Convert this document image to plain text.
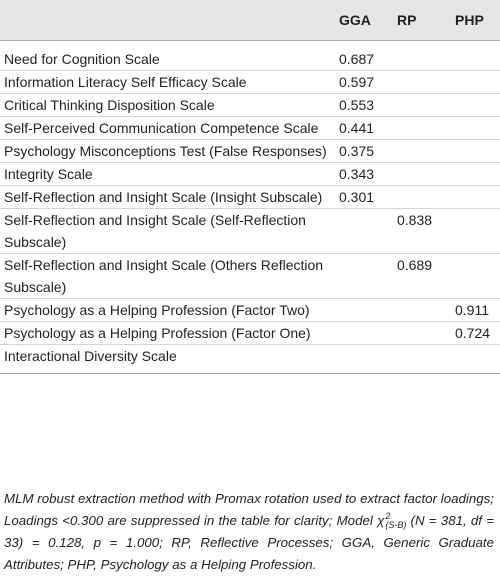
	GGA	RP	PHP
Need for Cognition Scale	0.687		
Information Literacy Self Efficacy Scale	0.597		
Critical Thinking Disposition Scale	0.553		
Self-Perceived Communication Competence Scale	0.441		
Psychology Misconceptions Test (False Responses)	0.375		
Integrity Scale	0.343		
Self-Reflection and Insight Scale (Insight Subscale)	0.301		
Self-Reflection and Insight Scale (Self-Reflection Subscale)		0.838	
Self-Reflection and Insight Scale (Others Reflection Subscale)		0.689	
Psychology as a Helping Profession (Factor Two)			0.911
Psychology as a Helping Profession (Factor One)			0.724
Interactional Diversity Scale			
MLM robust extraction method with Promax rotation used to extract factor loadings; Loadings <0.300 are suppressed in the table for clarity; Model χ 2
(S-B) (N = 381, df = 33) = 0.128, p = 1.000; RP, Reflective Processes; GGA, Generic Graduate Attributes; PHP, Psychology as a Helping Profession.
